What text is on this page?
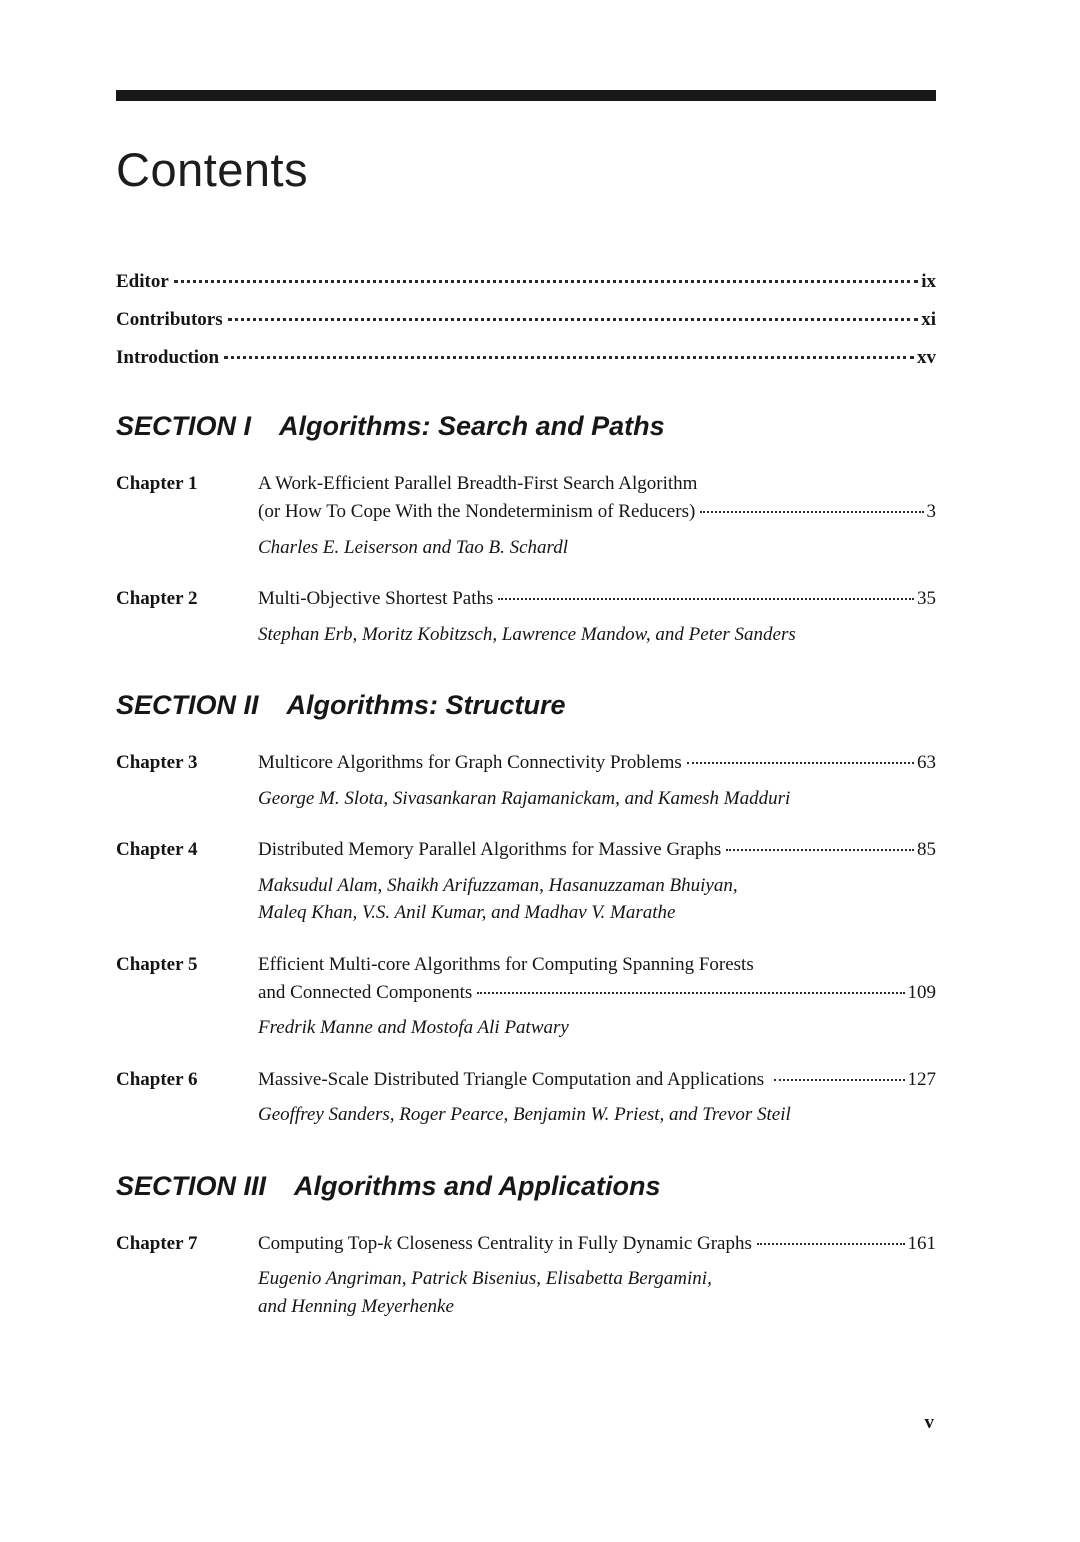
Contents
Editor	ix
Contributors	xi
Introduction	xv
SECTION I Algorithms: Search and Paths
Chapter 1	A Work-Efficient Parallel Breadth-First Search Algorithm
(or How To Cope With the Nondeterminism of Reducers)	3
Charles E. Leiserson and Tao B. Schardl
Chapter 2	Multi-Objective Shortest Paths	35
Stephan Erb, Moritz Kobitzsch, Lawrence Mandow, and Peter Sanders
SECTION II Algorithms: Structure
Chapter 3	Multicore Algorithms for Graph Connectivity Problems	63
George M. Slota, Sivasankaran Rajamanickam, and Kamesh Madduri
Chapter 4	Distributed Memory Parallel Algorithms for Massive Graphs	85
Maksudul Alam, Shaikh Arifuzzaman, Hasanuzzaman Bhuiyan,
Maleq Khan, V.S. Anil Kumar, and Madhav V. Marathe
Chapter 5	Efficient Multi-core Algorithms for Computing Spanning Forests
and Connected Components	109
Fredrik Manne and Mostofa Ali Patwary
Chapter 6	Massive-Scale Distributed Triangle Computation and Applications	127
Geoffrey Sanders, Roger Pearce, Benjamin W. Priest, and Trevor Steil
SECTION III Algorithms and Applications
Chapter 7	Computing Top- k Closeness Centrality in Fully Dynamic Graphs	161
Eugenio Angriman, Patrick Bisenius, Elisabetta Bergamini,
and Henning Meyerhenke
v
